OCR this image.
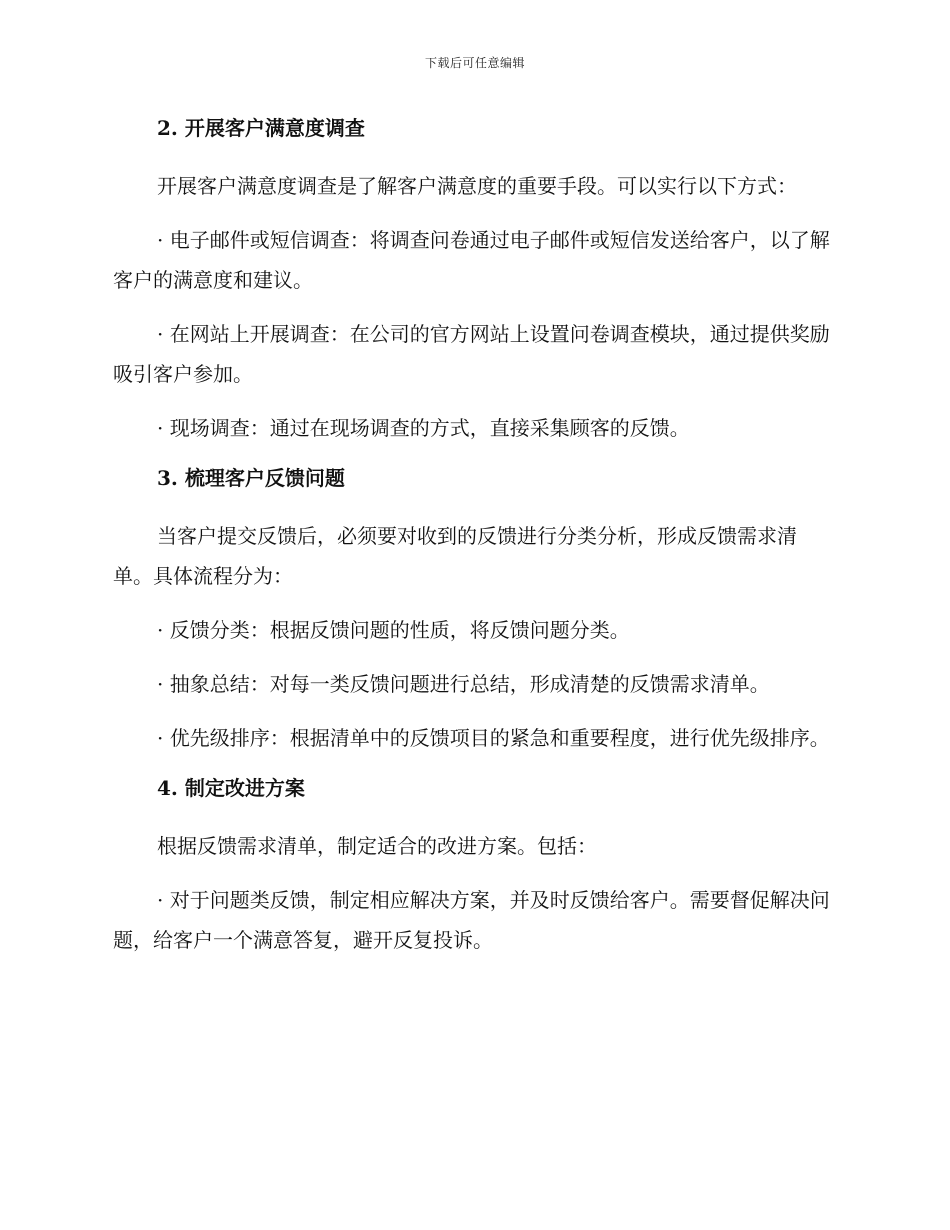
下载后可任意编辑
2. 开展客户满意度调查
开展客户满意度调查是了解客户满意度的重要手段。可以实行以下方式：
· 电子邮件或短信调查：将调查问卷通过电子邮件或短信发送给客户，以了解客户的满意度和建议。
· 在网站上开展调查：在公司的官方网站上设置问卷调查模块，通过提供奖励吸引客户参加。
· 现场调查：通过在现场调查的方式，直接采集顾客的反馈。
3. 梳理客户反馈问题
当客户提交反馈后，必须要对收到的反馈进行分类分析，形成反馈需求清单。具体流程分为：
· 反馈分类：根据反馈问题的性质，将反馈问题分类。
· 抽象总结：对每一类反馈问题进行总结，形成清楚的反馈需求清单。
· 优先级排序：根据清单中的反馈项目的紧急和重要程度，进行优先级排序。
4. 制定改进方案
根据反馈需求清单，制定适合的改进方案。包括：
· 对于问题类反馈，制定相应解决方案，并及时反馈给客户。需要督促解决问题，给客户一个满意答复，避开反复投诉。
